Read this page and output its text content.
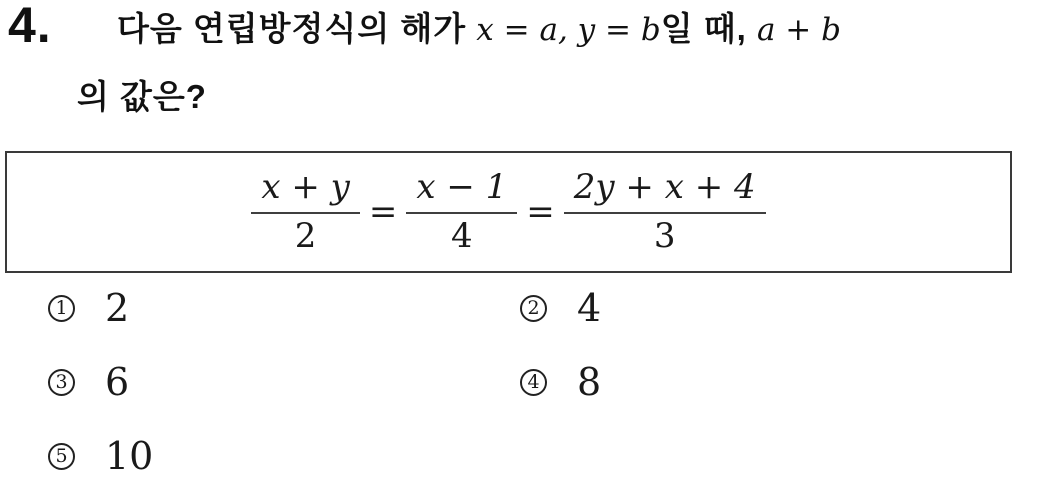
4. 다음 연립방정식의 해가 x = a, y = b일 때, a + b
의 값은?
$\frac{x + y}{2} = \frac{x - 1}{4} = \frac{2y + x + 4}{3}$
1 2	2 4
3 6	4 8
5 10
